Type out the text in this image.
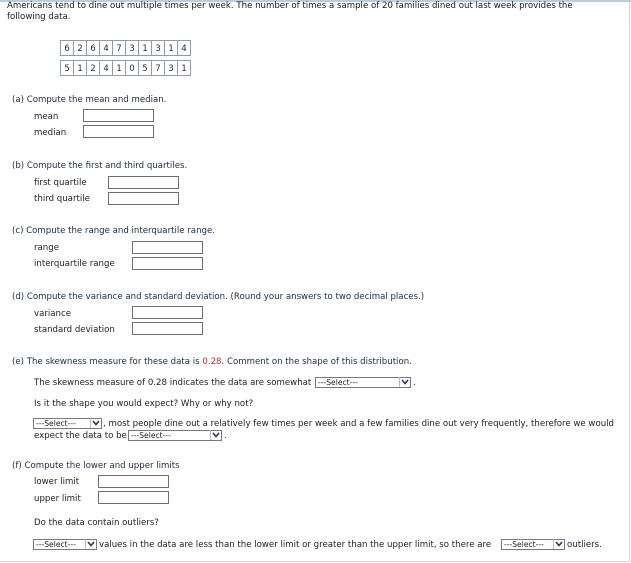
Americans tend to dine out multiple times per week. The number of times a sample of 20 families dined out last week provides the following data.
6	2	6	4	7	3	1	3	1	4

5	1	2	4	1	0	5	7	3	1
(a) Compute the mean and median.
mean
median
(b) Compute the first and third quartiles.
first quartile
third quartile
(c) Compute the range and interquartile range.
range
interquartile range
(d) Compute the variance and standard deviation. (Round your answers to two decimal places.)
variance
standard deviation
(e) The skewness measure for these data is 0.28. Comment on the shape of this distribution.
The skewness measure of 0.28 indicates the data are somewhat ---Select---	.
Is it the shape you would expect? Why or why not?
---Select---	, most people dine out a relatively few times per week and a few families dine out very frequently, therefore we would
expect the data to be ---Select---	.
(f) Compute the lower and upper limits
lower limit
upper limit
Do the data contain outliers?
---Select---	values in the data are less than the lower limit or greater than the upper limit, so there are ---Select---	outliers.
